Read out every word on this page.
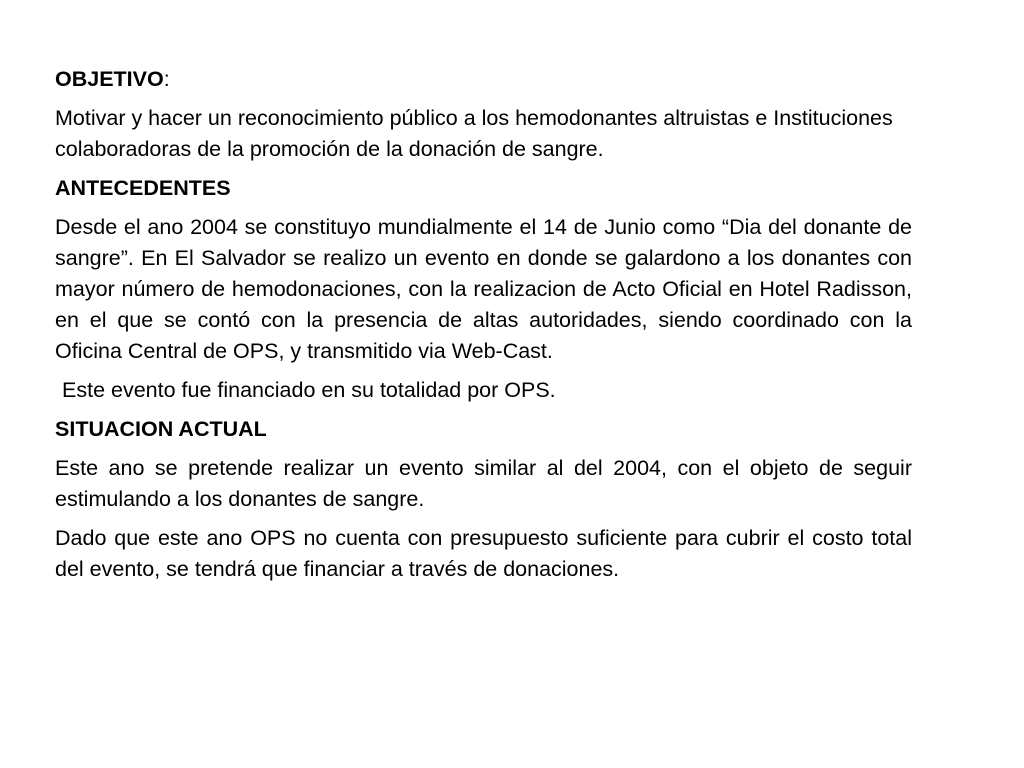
OBJETIVO:

Motivar y hacer un reconocimiento público a los hemodonantes altruistas e Instituciones colaboradoras de la promoción de la donación de sangre.

ANTECEDENTES

Desde el ano 2004 se constituyo mundialmente el 14 de Junio como “Dia del donante de sangre”. En El Salvador se realizo un evento en donde se galardono a los donantes con mayor número de hemodonaciones, con la realizacion de Acto Oficial en Hotel Radisson, en el que se contó con la presencia de altas autoridades, siendo coordinado con la Oficina Central de OPS, y transmitido via Web-Cast.

Este evento fue financiado en su totalidad por OPS.

SITUACION ACTUAL

Este ano se pretende realizar un evento similar al del 2004, con el objeto de seguir estimulando a los donantes de sangre.

Dado que este ano OPS no cuenta con presupuesto suficiente para cubrir el costo total del evento, se tendrá que financiar a través de donaciones.
